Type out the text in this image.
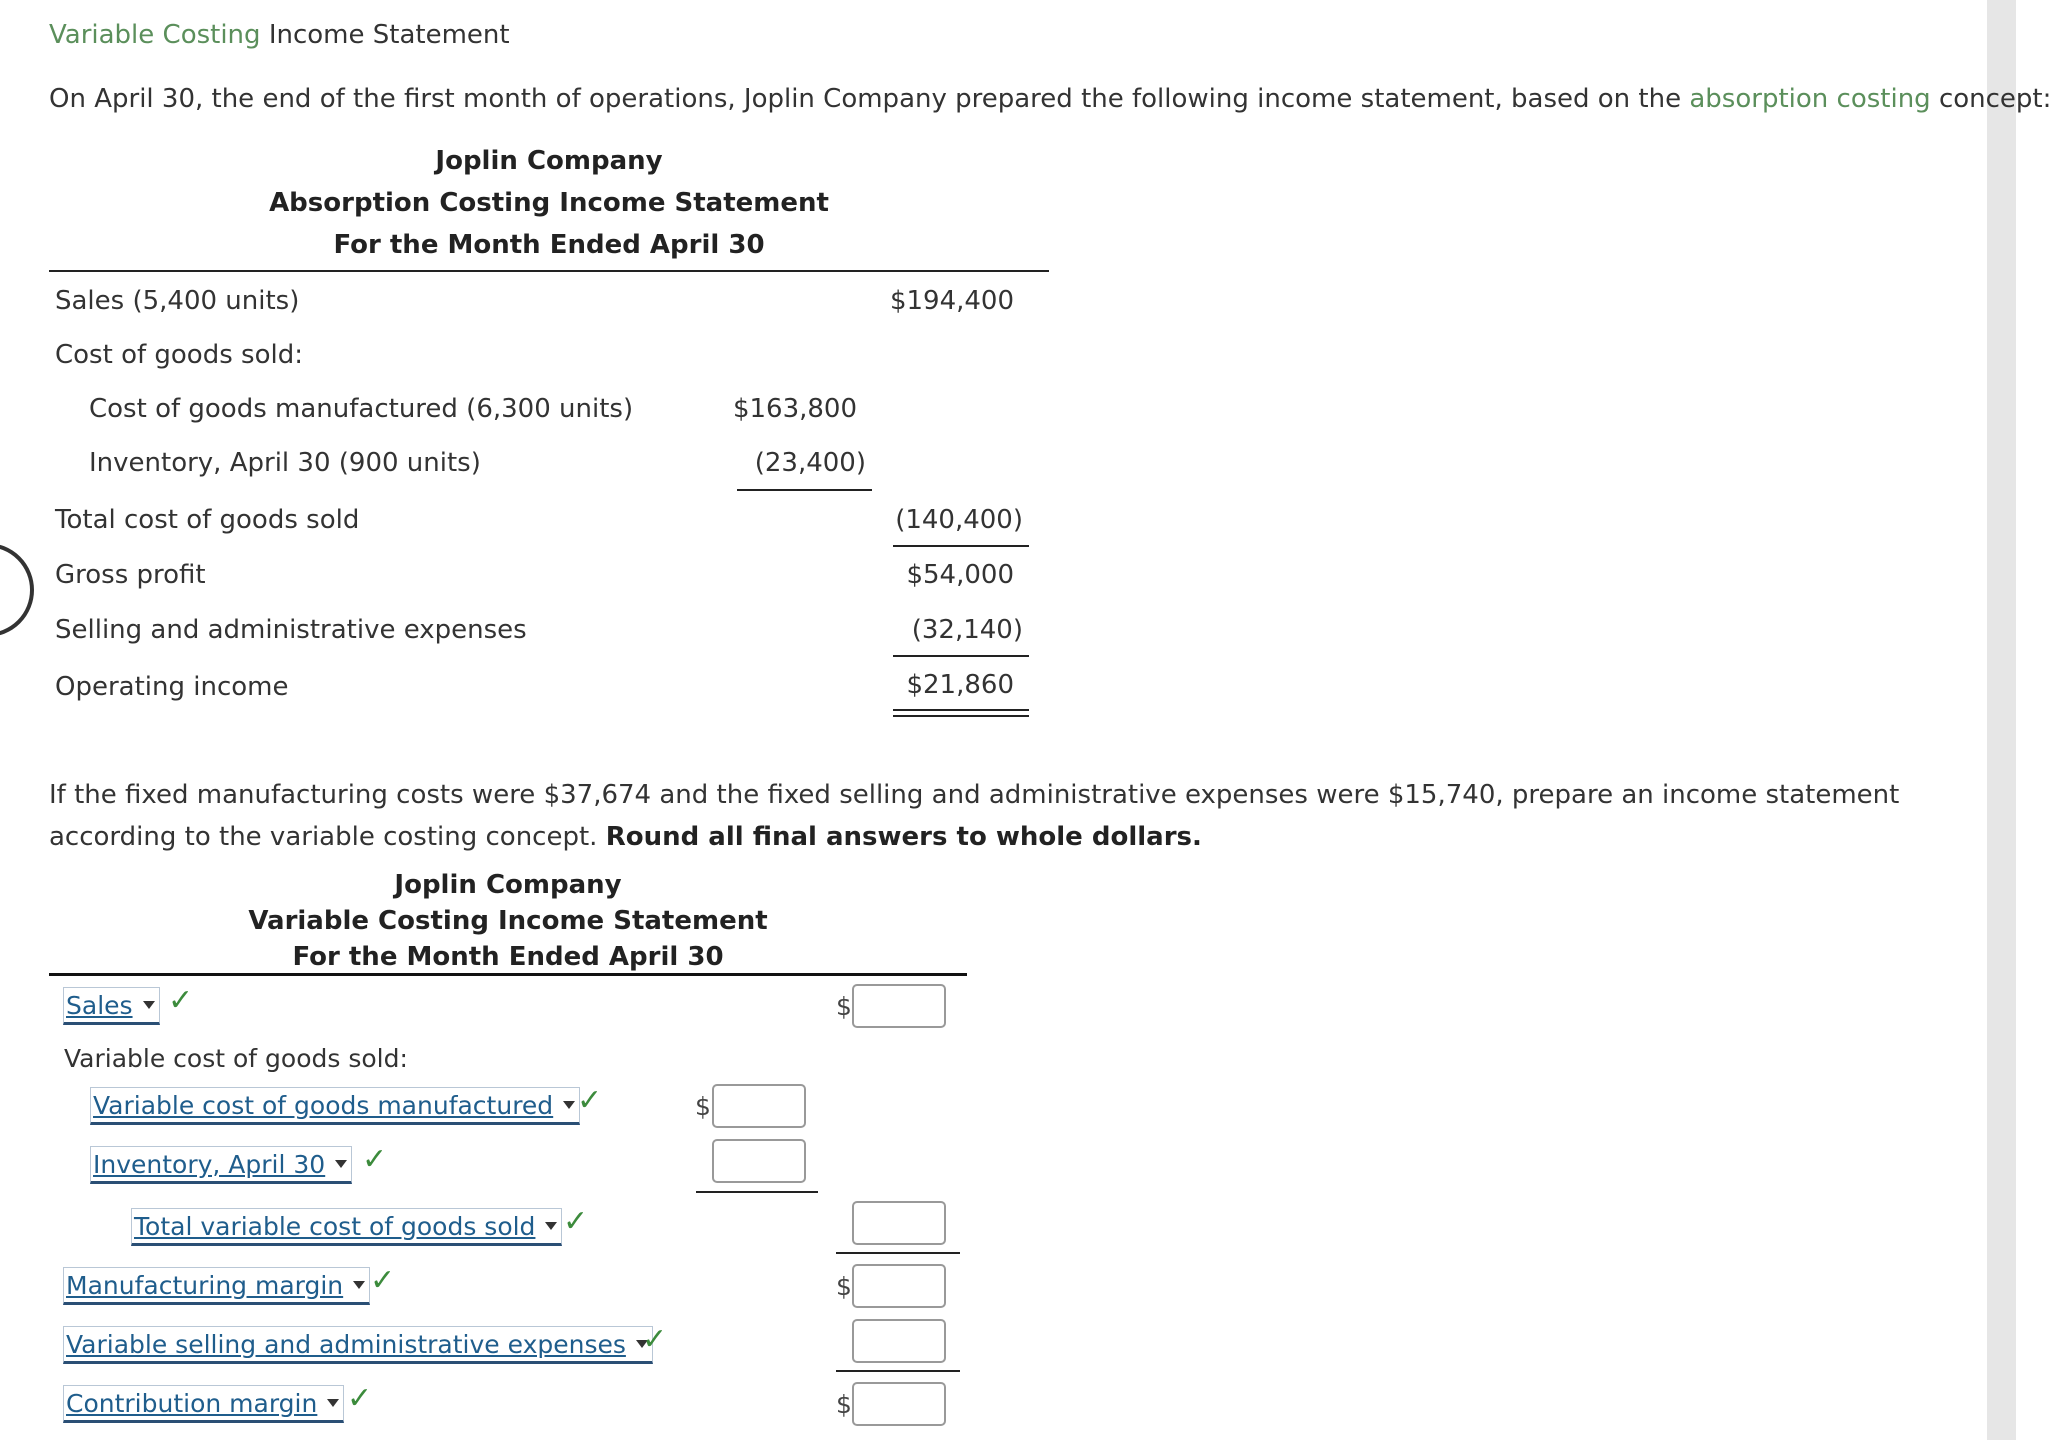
Variable Costing Income Statement
On April 30, the end of the first month of operations, Joplin Company prepared the following income statement, based on the absorption costing concept:
Joplin Company
Absorption Costing Income Statement
For the Month Ended April 30
Sales (5,400 units)	$194,400
Cost of goods sold:
Cost of goods manufactured (6,300 units)	$163,800
Inventory, April 30 (900 units)	(23,400)
Total cost of goods sold	(140,400)
Gross profit	$54,000
Selling and administrative expenses	(32,140)
Operating income	$21,860
If the fixed manufacturing costs were $37,674 and the fixed selling and administrative expenses were $15,740, prepare an income statement according to the variable costing concept. Round all final answers to whole dollars.
Joplin Company
Variable Costing Income Statement
For the Month Ended April 30
Sales ✓	$
Variable cost of goods sold:
Variable cost of goods manufactured ✓	$
Inventory, April 30 ✓
Total variable cost of goods sold ✓
Manufacturing margin ✓	$
Variable selling and administrative expenses ✓
Contribution margin ✓	$
